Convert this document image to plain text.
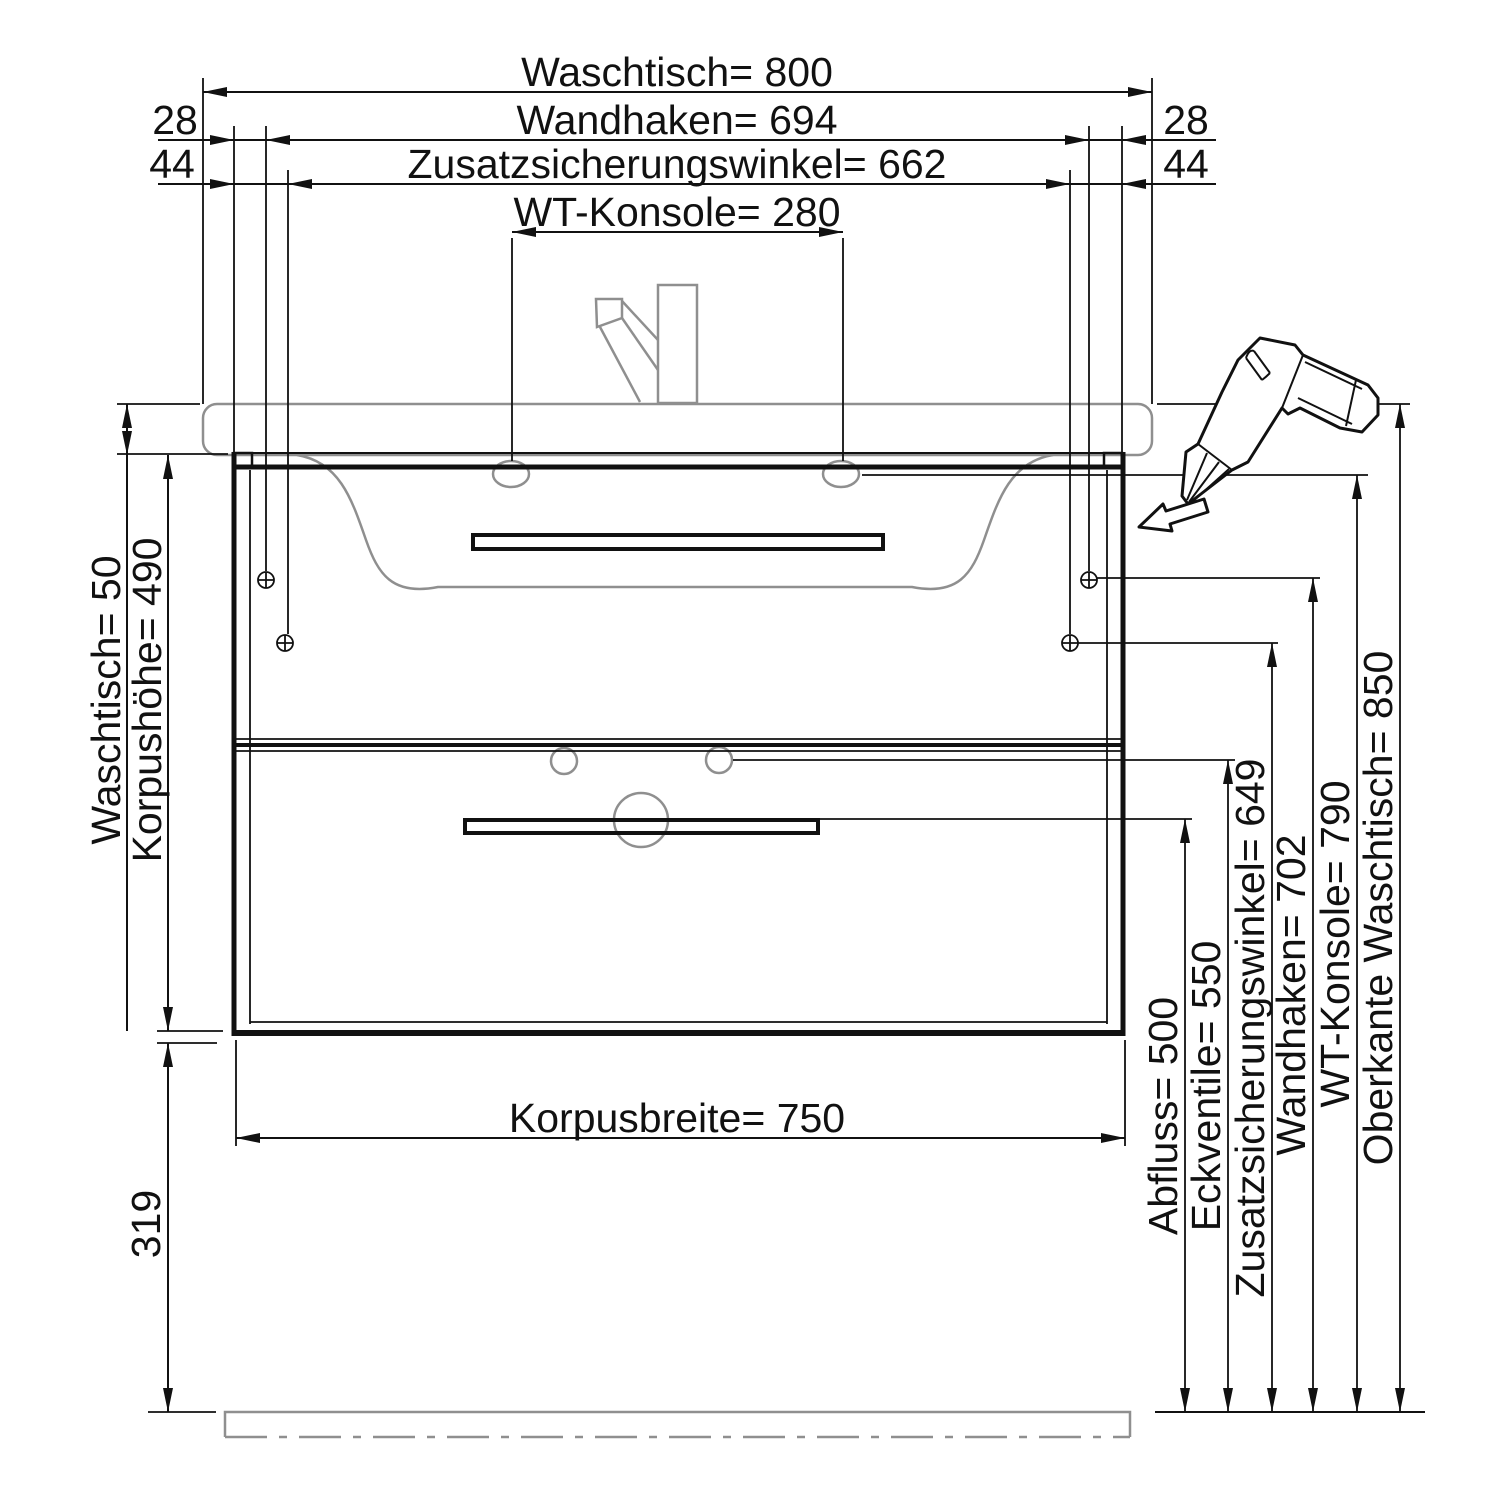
Waschtisch= 800
Wandhaken= 694
Zusatzsicherungswinkel= 662
WT-Konsole= 280
28	28
44	44
Waschtisch= 50
Korpushöhe= 490
319
Korpusbreite= 750	Abfluss= 500
Eckventile= 550
Zusatzsicherungswinkel= 649
Wandhaken= 702
WT-Konsole= 790
Oberkante Waschtisch= 850
